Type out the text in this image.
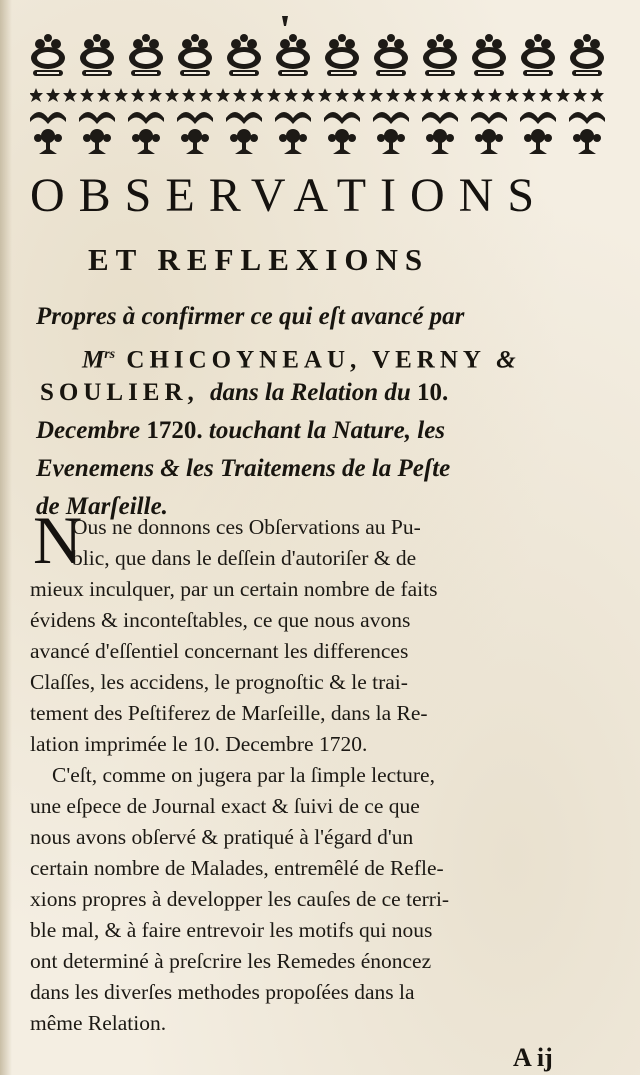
OBSERVATIONS
ET REFLEXIONS
Propres à confirmer ce qui eſt avancé par
$M^{rs}$ CHICOYNEAU, VERNY &
SOULIER, dans la Relation du 10.
Decembre 1720. touchant la Nature, les
Evenemens & les Traitemens de la Peſte
de Marſeille.
N
Ous ne donnons ces Obſervations au Pu-
blic, que dans le deſſein d'autoriſer & de
mieux inculquer, par un certain nombre de faits
évidens & inconteſtables, ce que nous avons
avancé d'eſſentiel concernant les differences
Claſſes, les accidens, le prognoſtic & le trai-
tement des Peſtiferez de Marſeille, dans la Re-
lation imprimée le 10. Decembre 1720.
C'eſt, comme on jugera par la ſimple lecture,
une eſpece de Journal exact & ſuivi de ce que
nous avons obſervé & pratiqué à l'égard d'un
certain nombre de Malades, entremêlé de Refle-
xions propres à developper les cauſes de ce terri-
ble mal, & à faire entrevoir les motifs qui nous
ont determiné à preſcrire les Remedes énoncez
dans les diverſes methodes propoſées dans la
même Relation.
A ij
